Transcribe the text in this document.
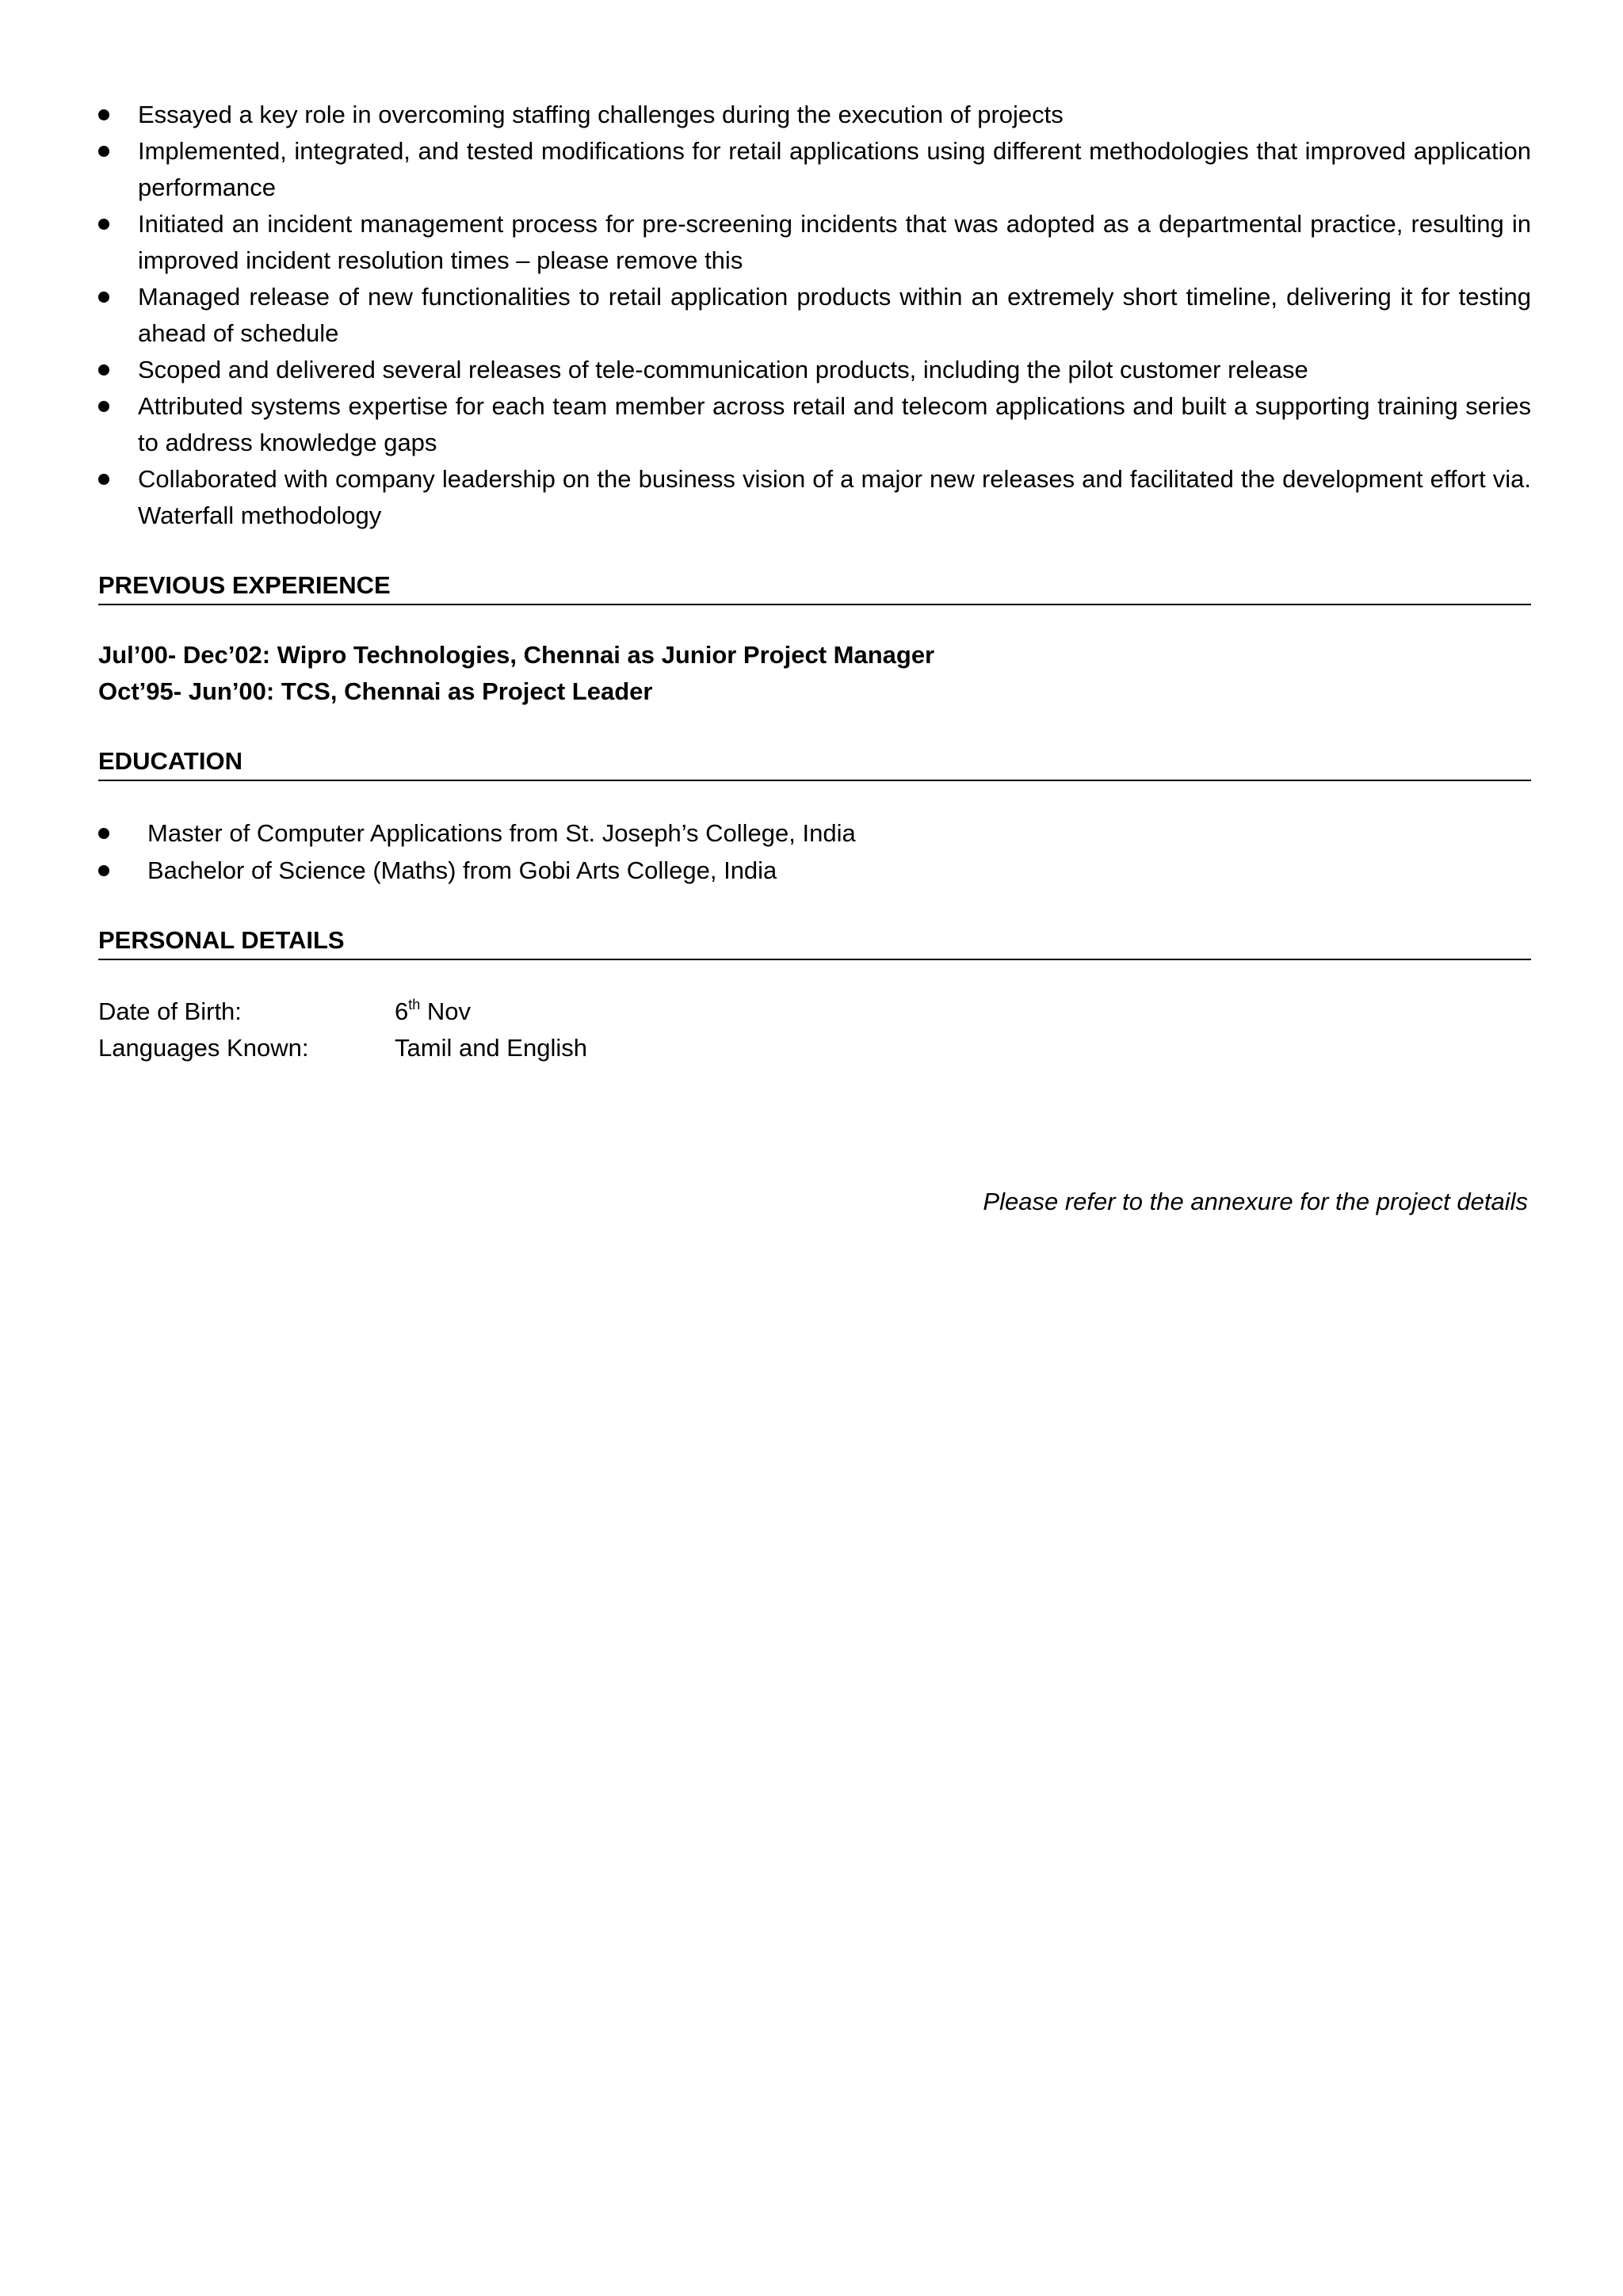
Essayed a key role in overcoming staffing challenges during the execution of projects
Implemented, integrated, and tested modifications for retail applications using different methodologies that improved application performance
Initiated an incident management process for pre-screening incidents that was adopted as a departmental practice, resulting in improved incident resolution times – please remove this
Managed release of new functionalities to retail application products within an extremely short timeline, delivering it for testing ahead of schedule
Scoped and delivered several releases of tele-communication products, including the pilot customer release
Attributed systems expertise for each team member across retail and telecom applications and built a supporting training series to address knowledge gaps
Collaborated with company leadership on the business vision of a major new releases and facilitated the development effort via. Waterfall methodology
PREVIOUS EXPERIENCE
Jul’00- Dec’02: Wipro Technologies, Chennai as Junior Project Manager
Oct’95- Jun’00: TCS, Chennai as Project Leader
EDUCATION
Master of Computer Applications from St. Joseph’s College, India
Bachelor of Science (Maths) from Gobi Arts College, India
PERSONAL DETAILS
Date of Birth:	6th Nov
Languages Known:	Tamil and English
Please refer to the annexure for the project details
